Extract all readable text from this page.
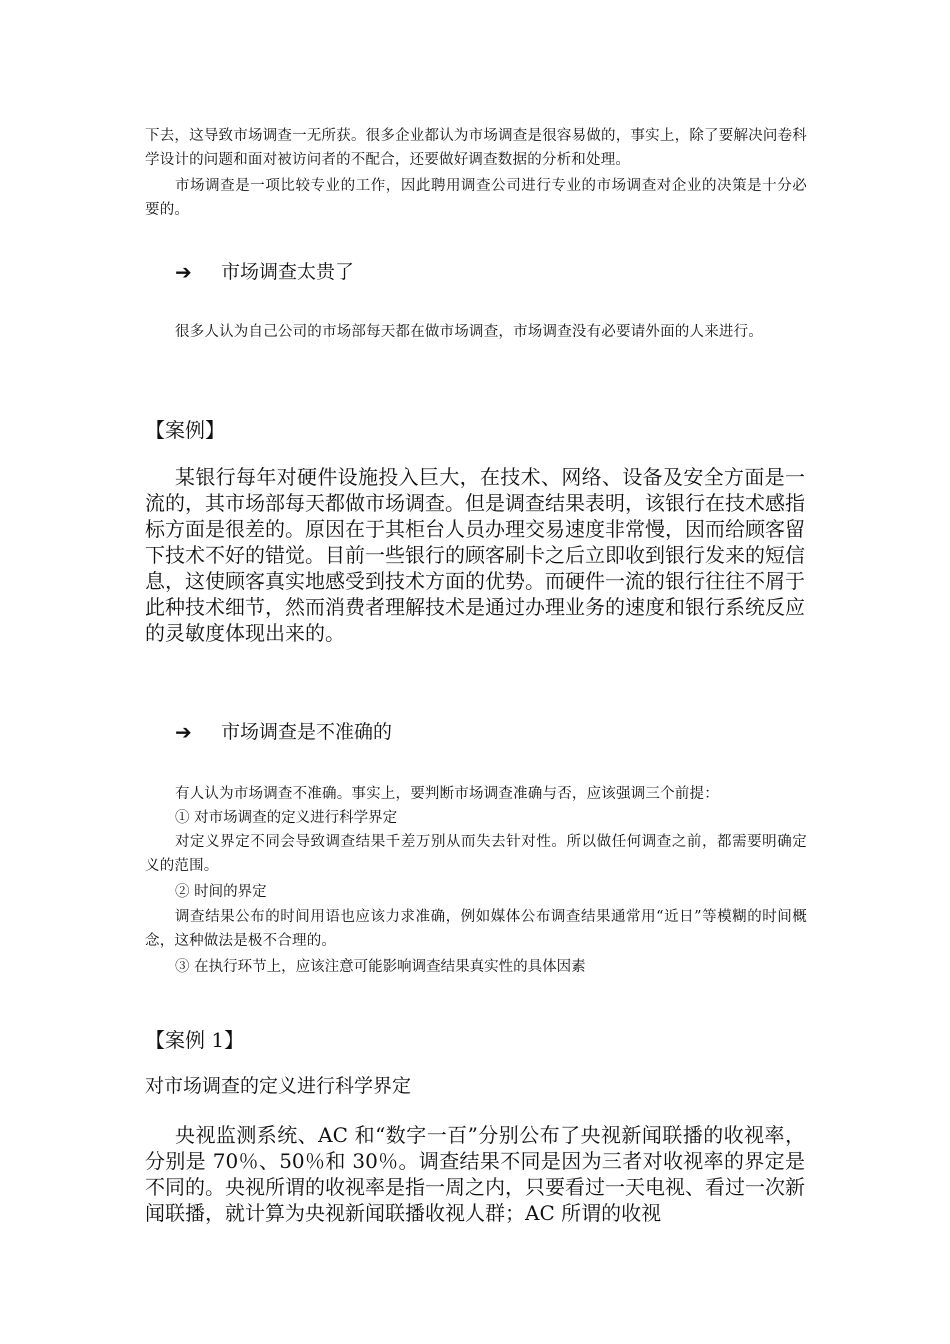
下去，这导致市场调查一无所获。很多企业都认为市场调查是很容易做的，事实上，除了要解决问卷科学设计的问题和面对被访问者的不配合，还要做好调查数据的分析和处理。

市场调查是一项比较专业的工作，因此聘用调查公司进行专业的市场调查对企业的决策是十分必要的。

➔	市场调查太贵了

很多人认为自己公司的市场部每天都在做市场调查，市场调查没有必要请外面的人来进行。

【案例】

某银行每年对硬件设施投入巨大，在技术、网络、设备及安全方面是一流的，其市场部每天都做市场调查。但是调查结果表明，该银行在技术感指标方面是很差的。原因在于其柜台人员办理交易速度非常慢，因而给顾客留下技术不好的错觉。目前一些银行的顾客刷卡之后立即收到银行发来的短信息，这使顾客真实地感受到技术方面的优势。而硬件一流的银行往往不屑于此种技术细节，然而消费者理解技术是通过办理业务的速度和银行系统反应的灵敏度体现出来的。

➔	市场调查是不准确的

有人认为市场调查不准确。事实上，要判断市场调查准确与否，应该强调三个前提：

① 对市场调查的定义进行科学界定

对定义界定不同会导致调查结果千差万别从而失去针对性。所以做任何调查之前，都需要明确定义的范围。

② 时间的界定

调查结果公布的时间用语也应该力求准确，例如媒体公布调查结果通常用“近日”等模糊的时间概念，这种做法是极不合理的。

③ 在执行环节上，应该注意可能影响调查结果真实性的具体因素

【案例 1】

对市场调查的定义进行科学界定

央视监测系统、AC 和“数字一百”分别公布了央视新闻联播的收视率，分别是 70％、50％和 30％。调查结果不同是因为三者对收视率的界定是不同的。央视所谓的收视率是指一周之内，只要看过一天电视、看过一次新闻联播，就计算为央视新闻联播收视人群；AC 所谓的收视
